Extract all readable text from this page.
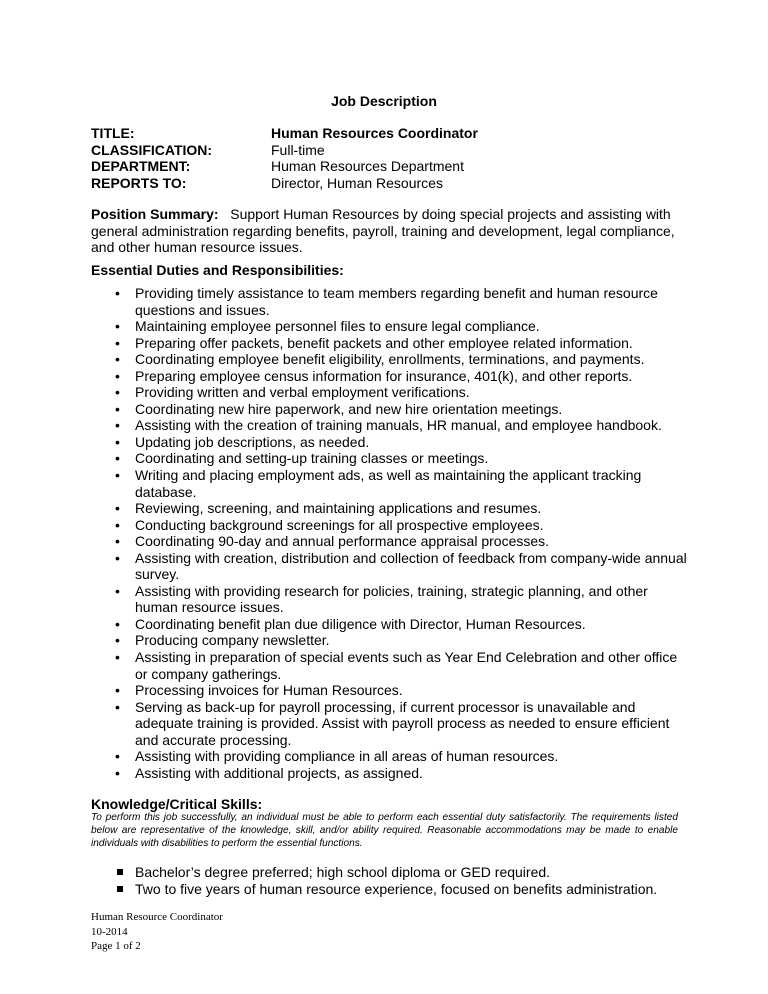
Job Description
TITLE:	Human Resources Coordinator
CLASSIFICATION:	Full-time
DEPARTMENT:	Human Resources Department
REPORTS TO:	Director, Human Resources
Position Summary: Support Human Resources by doing special projects and assisting with general administration regarding benefits, payroll, training and development, legal compliance, and other human resource issues.
Essential Duties and Responsibilities:
• Providing timely assistance to team members regarding benefit and human resource questions and issues.
• Maintaining employee personnel files to ensure legal compliance.
• Preparing offer packets, benefit packets and other employee related information.
• Coordinating employee benefit eligibility, enrollments, terminations, and payments.
• Preparing employee census information for insurance, 401(k), and other reports.
• Providing written and verbal employment verifications.
• Coordinating new hire paperwork, and new hire orientation meetings.
• Assisting with the creation of training manuals, HR manual, and employee handbook.
• Updating job descriptions, as needed.
• Coordinating and setting-up training classes or meetings.
• Writing and placing employment ads, as well as maintaining the applicant tracking database.
• Reviewing, screening, and maintaining applications and resumes.
• Conducting background screenings for all prospective employees.
• Coordinating 90-day and annual performance appraisal processes.
• Assisting with creation, distribution and collection of feedback from company-wide annual survey.
• Assisting with providing research for policies, training, strategic planning, and other human resource issues.
• Coordinating benefit plan due diligence with Director, Human Resources.
• Producing company newsletter.
• Assisting in preparation of special events such as Year End Celebration and other office or company gatherings.
• Processing invoices for Human Resources.
• Serving as back-up for payroll processing, if current processor is unavailable and adequate training is provided. Assist with payroll process as needed to ensure efficient and accurate processing.
• Assisting with providing compliance in all areas of human resources.
• Assisting with additional projects, as assigned.
Knowledge/Critical Skills:
To perform this job successfully, an individual must be able to perform each essential duty satisfactorily. The requirements listed below are representative of the knowledge, skill, and/or ability required. Reasonable accommodations may be made to enable individuals with disabilities to perform the essential functions.
Bachelor’s degree preferred; high school diploma or GED required.
Two to five years of human resource experience, focused on benefits administration.
Human Resource Coordinator
10-2014
Page 1 of 2
